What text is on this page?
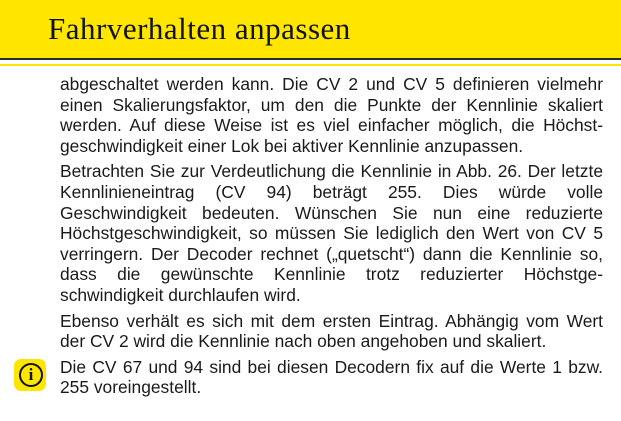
Fahrverhalten anpassen

abgeschaltet werden kann. Die CV 2 und CV 5 definieren vielmehr einen Skalierungsfaktor, um den die Punkte der Kennlinie skaliert werden. Auf diese Weise ist es viel einfacher möglich, die Höchstgeschwindigkeit einer Lok bei aktiver Kennlinie anzupassen.

Betrachten Sie zur Verdeutlichung die Kennlinie in Abb. 26. Der letzte Kennlinieneintrag (CV 94) beträgt 255. Dies würde volle Geschwindigkeit bedeuten. Wünschen Sie nun eine reduzierte Höchstgeschwindigkeit, so müssen Sie lediglich den Wert von CV 5 verringern. Der Decoder rechnet („quetscht“) dann die Kennlinie so, dass die gewünschte Kennlinie trotz reduzierter Höchstgeschwindigkeit durchlaufen wird.

Ebenso verhält es sich mit dem ersten Eintrag. Abhängig vom Wert der CV 2 wird die Kennlinie nach oben angehoben und skaliert.

i	Die CV 67 und 94 sind bei diesen Decodern fix auf die Werte 1 bzw. 255 voreingestellt.
